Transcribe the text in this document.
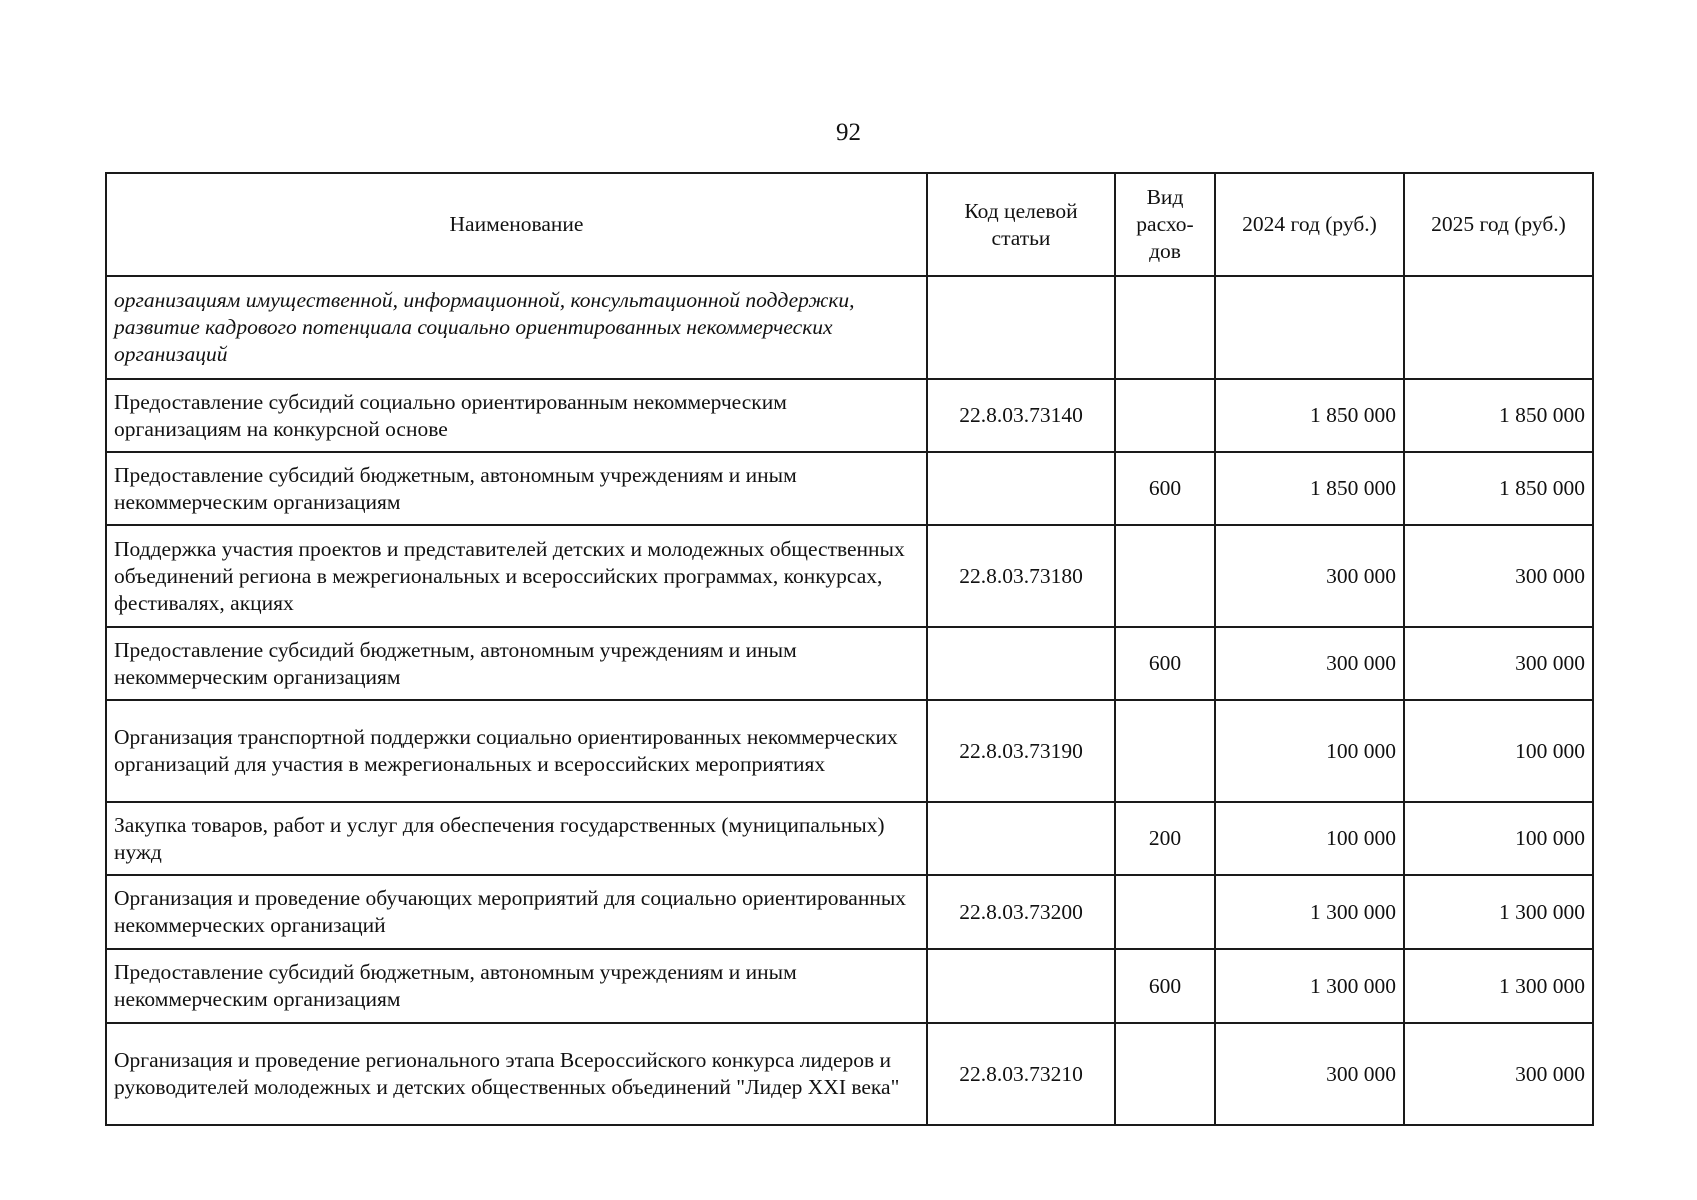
92
Наименование	Код целевой статьи	Вид расхо-дов	2024 год (руб.)	2025 год (руб.)
организациям имущественной, информационной, консультационной поддержки, развитие кадрового потенциала социально ориентированных некоммерческих организаций				
Предоставление субсидий социально ориентированным некоммерческим организациям на конкурсной основе	22.8.03.73140		1 850 000	1 850 000
Предоставление субсидий бюджетным, автономным учреждениям и иным некоммерческим организациям		600	1 850 000	1 850 000
Поддержка участия проектов и представителей детских и молодежных общественных объединений региона в межрегиональных и всероссийских программах, конкурсах, фестивалях, акциях	22.8.03.73180		300 000	300 000
Предоставление субсидий бюджетным, автономным учреждениям и иным некоммерческим организациям		600	300 000	300 000
Организация транспортной поддержки социально ориентированных некоммерческих организаций для участия в межрегиональных и всероссийских мероприятиях	22.8.03.73190		100 000	100 000
Закупка товаров, работ и услуг для обеспечения государственных (муниципальных) нужд		200	100 000	100 000
Организация и проведение обучающих мероприятий для социально ориентированных некоммерческих организаций	22.8.03.73200		1 300 000	1 300 000
Предоставление субсидий бюджетным, автономным учреждениям и иным некоммерческим организациям		600	1 300 000	1 300 000
Организация и проведение регионального этапа Всероссийского конкурса лидеров и руководителей молодежных и детских общественных объединений "Лидер XXI века"	22.8.03.73210		300 000	300 000
